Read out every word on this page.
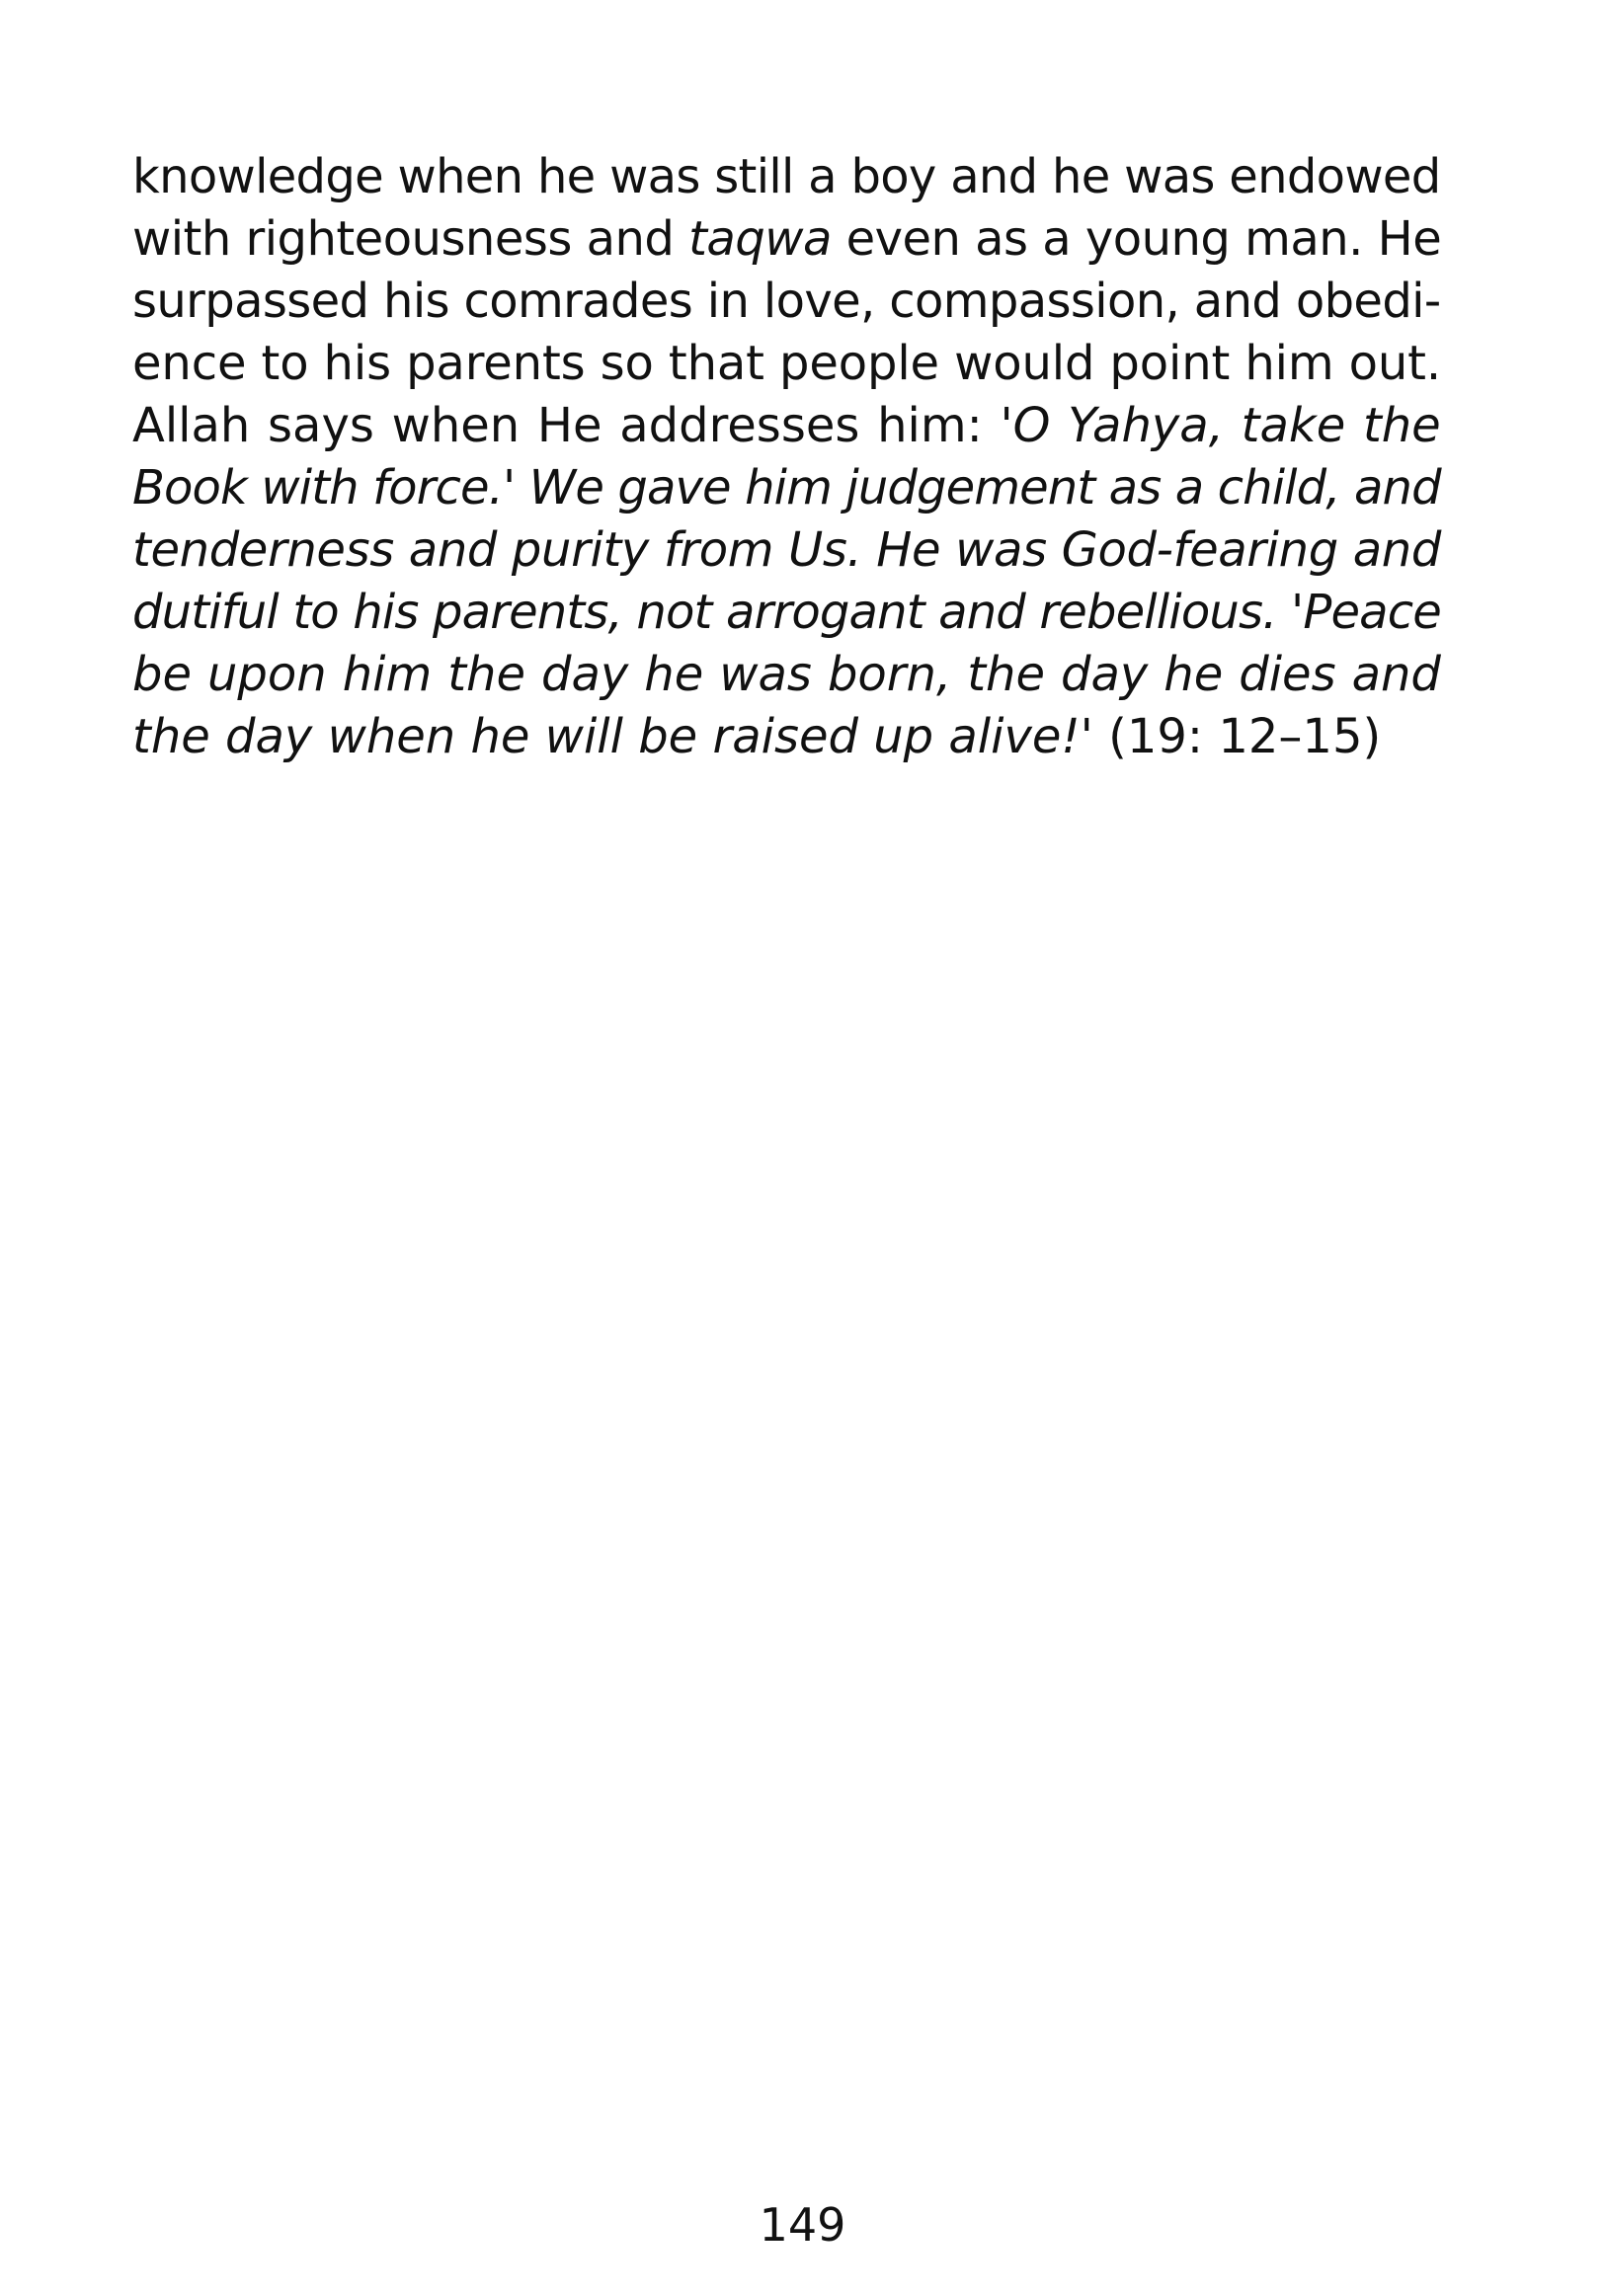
knowledge when he was still a boy and he was endowed
with righteousness and taqwa even as a young man. He
surpassed his comrades in love, compassion, and obedi-
ence to his parents so that people would point him out.
Allah says when He addresses him: 'O Yahya, take the
Book with force.' We gave him judgement as a child, and
tenderness and purity from Us. He was God-fearing and
dutiful to his parents, not arrogant and rebellious. 'Peace
be upon him the day he was born, the day he dies and
the day when he will be raised up alive!' (19: 12–15)
149
